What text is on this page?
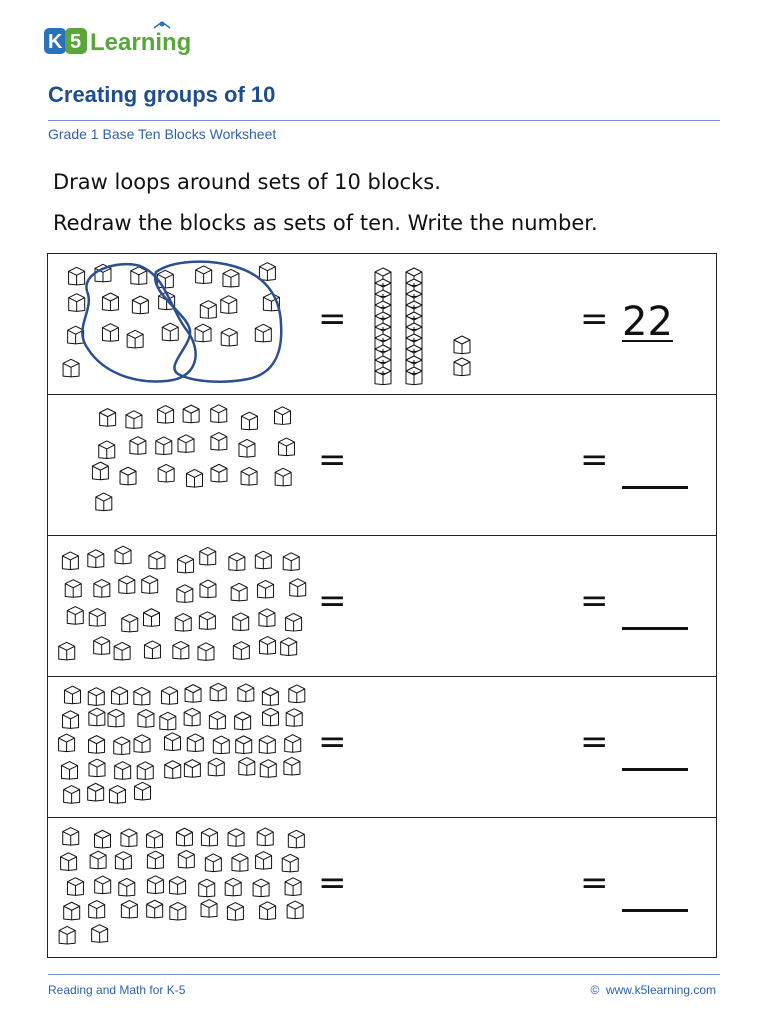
K 5 Learning
Creating groups of 10
Grade 1 Base Ten Blocks Worksheet
Draw loops around sets of 10 blocks.
Redraw the blocks as sets of ten. Write the number.
=	= 22
=	=
=	=
=	=
=	=
Reading and Math for K-5	© www.k5learning.com
